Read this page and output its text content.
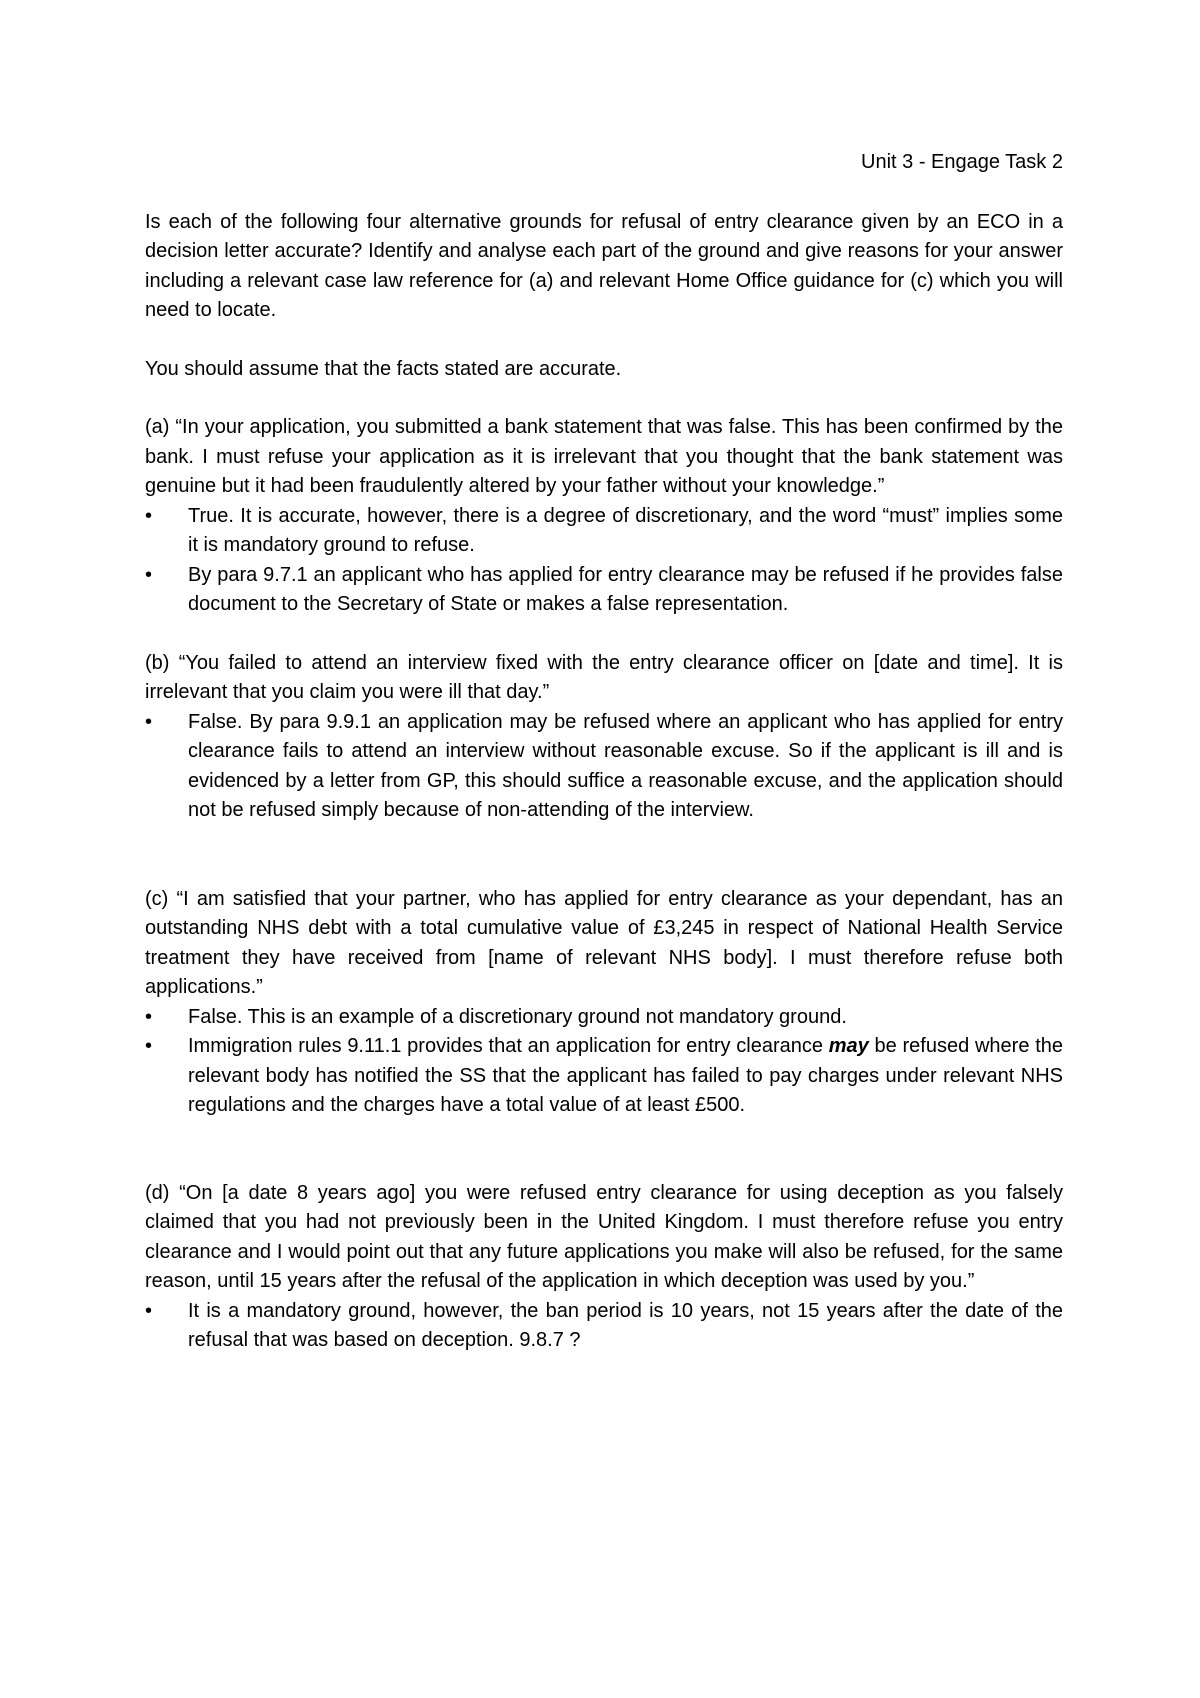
Unit 3 - Engage Task 2

Is each of the following four alternative grounds for refusal of entry clearance given by an ECO in a decision letter accurate? Identify and analyse each part of the ground and give reasons for your answer including a relevant case law reference for (a) and relevant Home Office guidance for (c) which you will need to locate.

You should assume that the facts stated are accurate.

(a) “In your application, you submitted a bank statement that was false. This has been confirmed by the bank. I must refuse your application as it is irrelevant that you thought that the bank statement was genuine but it had been fraudulently altered by your father without your knowledge.”

•	True. It is accurate, however, there is a degree of discretionary, and the word “must” implies some it is mandatory ground to refuse.
•	By para 9.7.1 an applicant who has applied for entry clearance may be refused if he provides false document to the Secretary of State or makes a false representation.

(b) “You failed to attend an interview fixed with the entry clearance officer on [date and time]. It is irrelevant that you claim you were ill that day.”

•	False. By para 9.9.1 an application may be refused where an applicant who has applied for entry clearance fails to attend an interview without reasonable excuse. So if the applicant is ill and is evidenced by a letter from GP, this should suffice a reasonable excuse, and the application should not be refused simply because of non-attending of the interview.

(c) “I am satisfied that your partner, who has applied for entry clearance as your dependant, has an outstanding NHS debt with a total cumulative value of £3,245 in respect of National Health Service treatment they have received from [name of relevant NHS body]. I must therefore refuse both applications.”

•	False. This is an example of a discretionary ground not mandatory ground.
•	Immigration rules 9.11.1 provides that an application for entry clearance may be refused where the relevant body has notified the SS that the applicant has failed to pay charges under relevant NHS regulations and the charges have a total value of at least £500.

(d) “On [a date 8 years ago] you were refused entry clearance for using deception as you falsely claimed that you had not previously been in the United Kingdom. I must therefore refuse you entry clearance and I would point out that any future applications you make will also be refused, for the same reason, until 15 years after the refusal of the application in which deception was used by you.”

•	It is a mandatory ground, however, the ban period is 10 years, not 15 years after the date of the refusal that was based on deception. 9.8.7 ?
